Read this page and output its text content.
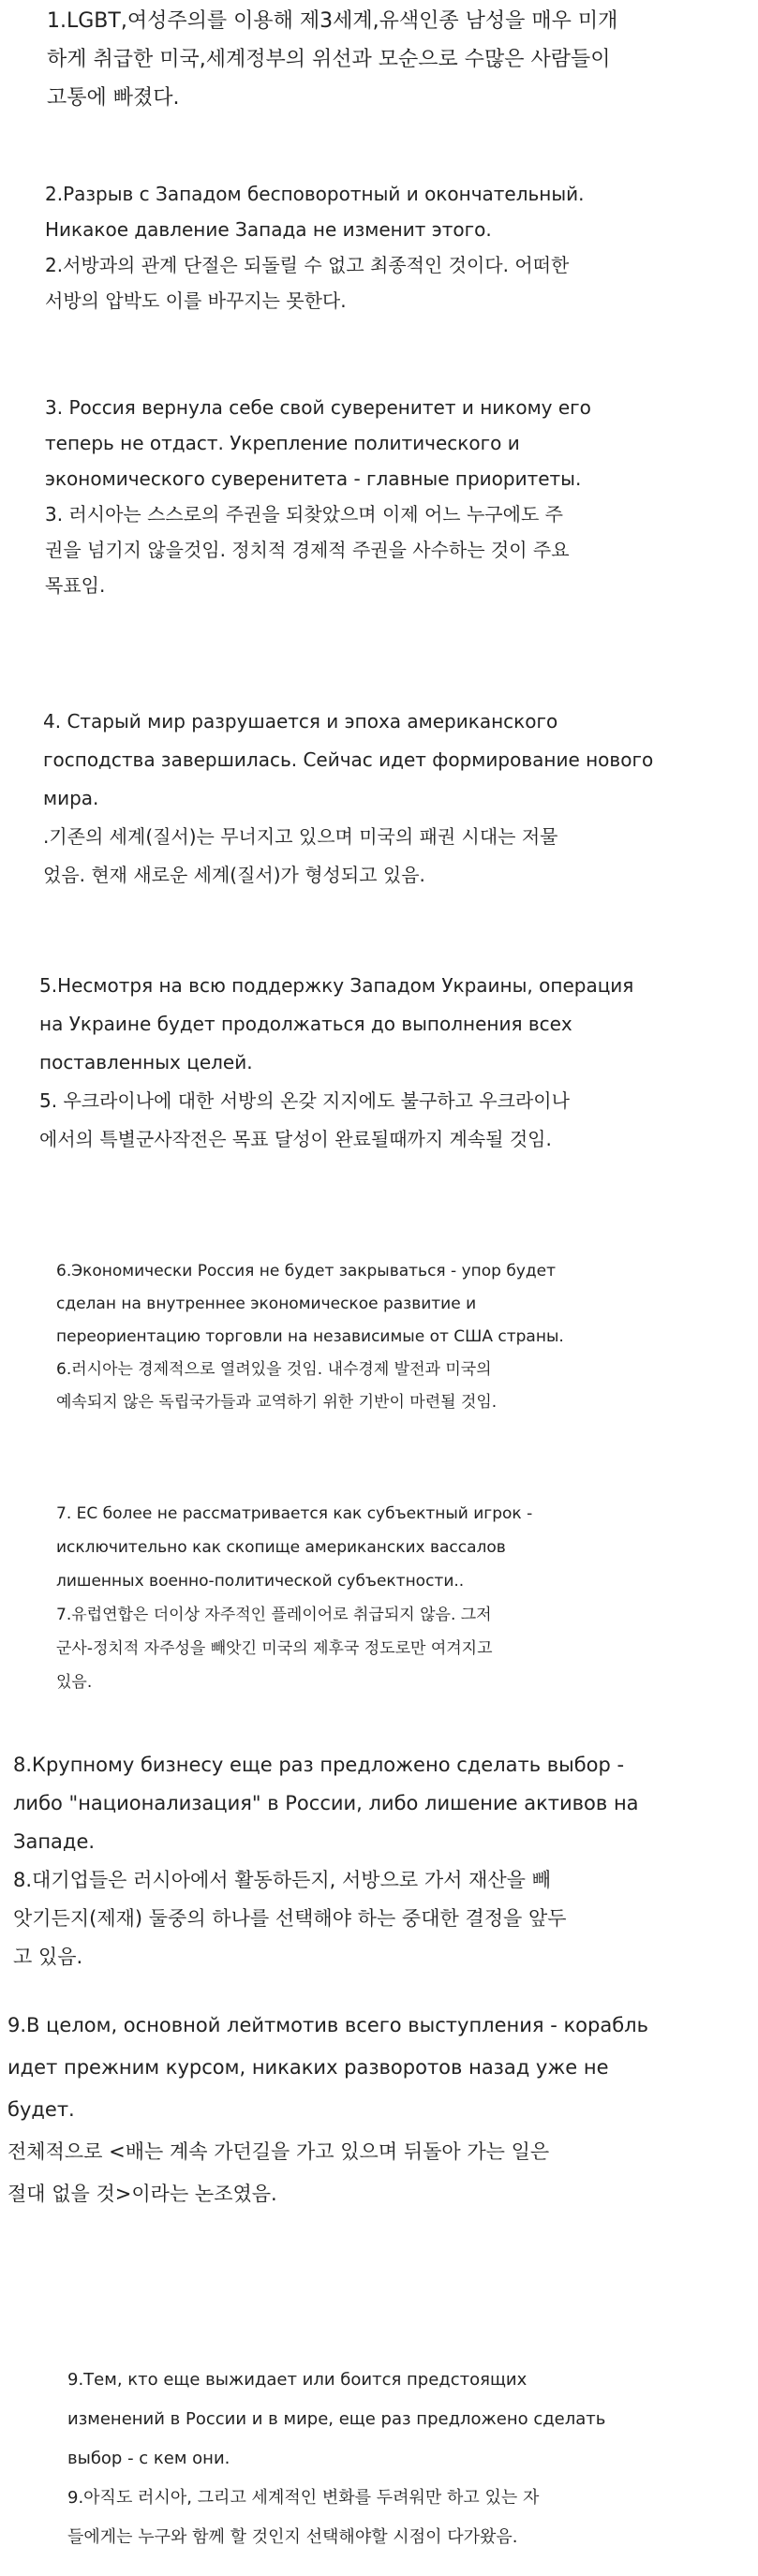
1.LGBT,여성주의를 이용해 제3세계,유색인종 남성을 매우 미개
하게 취급한 미국,세계정부의 위선과 모순으로 수많은 사람들이
고통에 빠졌다.
2.Разрыв с Западом бесповоротный и окончательный.
Никакое давление Запада не изменит этого.
2.서방과의 관계 단절은 되돌릴 수 없고 최종적인 것이다. 어떠한
서방의 압박도 이를 바꾸지는 못한다.
3. Россия вернула себе свой суверенитет и никому его
теперь не отдаст. Укрепление политического и
экономического суверенитета - главные приоритеты.
3. 러시아는 스스로의 주권을 되찾았으며 이제 어느 누구에도 주
권을 넘기지 않을것임. 정치적 경제적 주권을 사수하는 것이 주요
목표임.
4. Старый мир разрушается и эпоха американского
господства завершилась. Сейчас идет формирование нового
мира.
.기존의 세계(질서)는 무너지고 있으며 미국의 패권 시대는 저물
었음. 현재 새로운 세계(질서)가 형성되고 있음.
5.Несмотря на всю поддержку Западом Украины, операция
на Украине будет продолжаться до выполнения всех
поставленных целей.
5. 우크라이나에 대한 서방의 온갖 지지에도 불구하고 우크라이나
에서의 특별군사작전은 목표 달성이 완료될때까지 계속될 것임.
6.Экономически Россия не будет закрываться - упор будет
сделан на внутреннее экономическое развитие и
переориентацию торговли на независимые от США страны.
6.러시아는 경제적으로 열려있을 것임. 내수경제 발전과 미국의
예속되지 않은 독립국가들과 교역하기 위한 기반이 마련될 것임.
7. ЕС более не рассматривается как субъектный игрок -
исключительно как скопище американских вассалов
лишенных военно-политической субъектности..
7.유럽연합은 더이상 자주적인 플레이어로 취급되지 않음. 그저
군사-정치적 자주성을 빼앗긴 미국의 제후국 정도로만 여겨지고
있음.
8.Крупному бизнесу еще раз предложено сделать выбор -
либо "национализация" в России, либо лишение активов на
Западе.
8.대기업들은 러시아에서 활동하든지, 서방으로 가서 재산을 빼
앗기든지(제재) 둘중의 하나를 선택해야 하는 중대한 결정을 앞두
고 있음.
9.В целом, основной лейтмотив всего выступления - корабль
идет прежним курсом, никаких разворотов назад уже не
будет.
전체적으로 <배는 계속 가던길을 가고 있으며 뒤돌아 가는 일은
절대 없을 것>이라는 논조였음.
9.Тем, кто еще выжидает или боится предстоящих
изменений в России и в мире, еще раз предложено сделать
выбор - с кем они.
9.아직도 러시아, 그리고 세계적인 변화를 두려워만 하고 있는 자
들에게는 누구와 함께 할 것인지 선택해야할 시점이 다가왔음.
